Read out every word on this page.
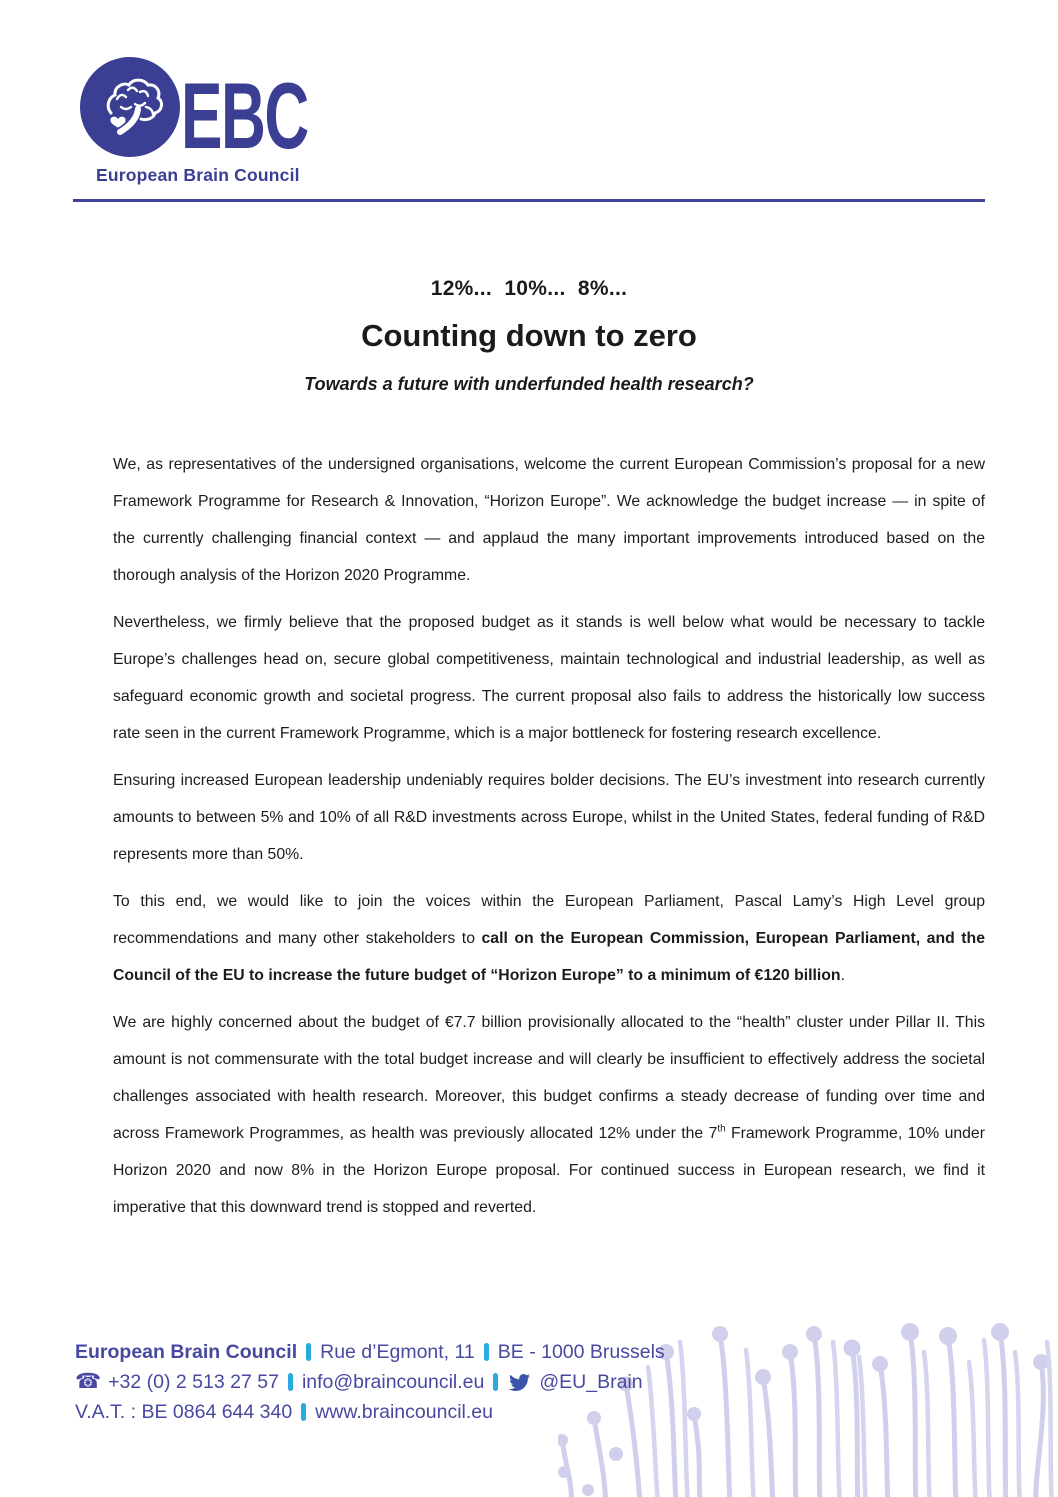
EBC
European Brain Council
12%...  10%...  8%...
Counting down to zero
Towards a future with underfunded health research?

We, as representatives of the undersigned organisations, welcome the current European Commission’s proposal for a new Framework Programme for Research & Innovation, “Horizon Europe”. We acknowledge the budget increase — in spite of the currently challenging financial context — and applaud the many important improvements introduced based on the thorough analysis of the Horizon 2020 Programme.

Nevertheless, we firmly believe that the proposed budget as it stands is well below what would be necessary to tackle Europe’s challenges head on, secure global competitiveness, maintain technological and industrial leadership, as well as safeguard economic growth and societal progress. The current proposal also fails to address the historically low success rate seen in the current Framework Programme, which is a major bottleneck for fostering research excellence.

Ensuring increased European leadership undeniably requires bolder decisions. The EU’s investment into research currently amounts to between 5% and 10% of all R&D investments across Europe, whilst in the United States, federal funding of R&D represents more than 50%.

To this end, we would like to join the voices within the European Parliament, Pascal Lamy’s High Level group recommendations and many other stakeholders to call on the European Commission, European Parliament, and the Council of the EU to increase the future budget of “Horizon Europe” to a minimum of €120 billion.

We are highly concerned about the budget of €7.7 billion provisionally allocated to the “health” cluster under Pillar II. This amount is not commensurate with the total budget increase and will clearly be insufficient to effectively address the societal challenges associated with health research. Moreover, this budget confirms a steady decrease of funding over time and across Framework Programmes, as health was previously allocated 12% under the 7th Framework Programme, 10% under Horizon 2020 and now 8% in the Horizon Europe proposal. For continued success in European research, we find it imperative that this downward trend is stopped and reverted.

European Brain Council Rue d’Egmont, 11 BE - 1000 Brussels
☎ +32 (0) 2 513 27 57 info@braincouncil.eu	@EU_Brain
V.A.T. : BE 0864 644 340 www.braincouncil.eu
